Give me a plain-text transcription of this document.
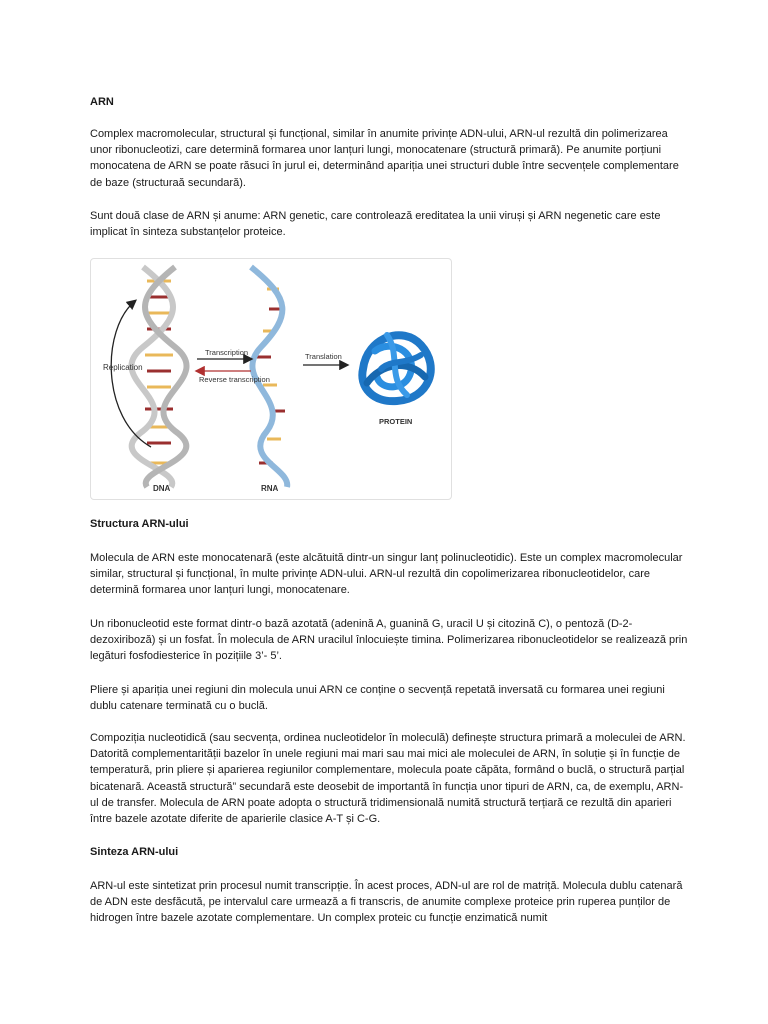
ARN
Complex macromolecular, structural și funcțional, similar în anumite privințe ADN-ului, ARN-ul rezultă din polimerizarea unor ribonucleotizi, care determină formarea unor lanțuri lungi, monocatenare (structură primară). Pe anumite porțiuni monocatena de ARN se poate răsuci în jurul ei, determinând apariția unei structuri duble între secvențele complementare de baze (structuraă secundară).
Sunt două clase de ARN și anume: ARN genetic, care controlează ereditatea la unii viruși și ARN negenetic care este implicat în sinteza substanțelor proteice.
Replication
Transcription
Reverse transcription
Translation
PROTEIN
DNA	RNA
Structura ARN-ului
Molecula de ARN este monocatenară (este alcătuită dintr-un singur lanț polinucleotidic). Este un complex macromolecular similar, structural și funcțional, în multe privințe ADN-ului. ARN-ul rezultă din copolimerizarea ribonucleotidelor, care determină formarea unor lanțuri lungi, monocatenare.
Un ribonucleotid este format dintr-o bază azotată (adenină A, guanină G, uracil U și citozină C), o pentoză (D-2-dezoxiriboză) și un fosfat. În molecula de ARN uracilul înlocuiește timina. Polimerizarea ribonucleotidelor se realizează prin legături fosfodiesterice în pozițiile 3’- 5’.
Pliere și apariția unei regiuni din molecula unui ARN ce conține o secvență repetată inversată cu formarea unei regiuni dublu catenare terminată cu o buclă.
Compoziția nucleotidică (sau secvența, ordinea nucleotidelor în moleculă) definește structura primară a moleculei de ARN. Datorită complementarității bazelor în unele regiuni mai mari sau mai mici ale moleculei de ARN, în soluție și în funcție de temperatură, prin pliere și aparierea regiunilor complementare, molecula poate căpăta, formând o buclă, o structură parțial bicatenară. Această structură” secundară este deosebit de importantă în funcția unor tipuri de ARN, ca, de exemplu, ARN-ul de transfer. Molecula de ARN poate adopta o structură tridimensională numită structură terțiară ce rezultă din aparieri între bazele azotate diferite de aparierile clasice A-T și C-G.
Sinteza ARN-ului
ARN-ul este sintetizat prin procesul numit transcripție. În acest proces, ADN-ul are rol de matriță. Molecula dublu catenară de ADN este desfăcută, pe intervalul care urmează a fi transcris, de anumite complexe proteice prin ruperea punților de hidrogen între bazele azotate complementare. Un complex proteic cu funcție enzimatică numit
